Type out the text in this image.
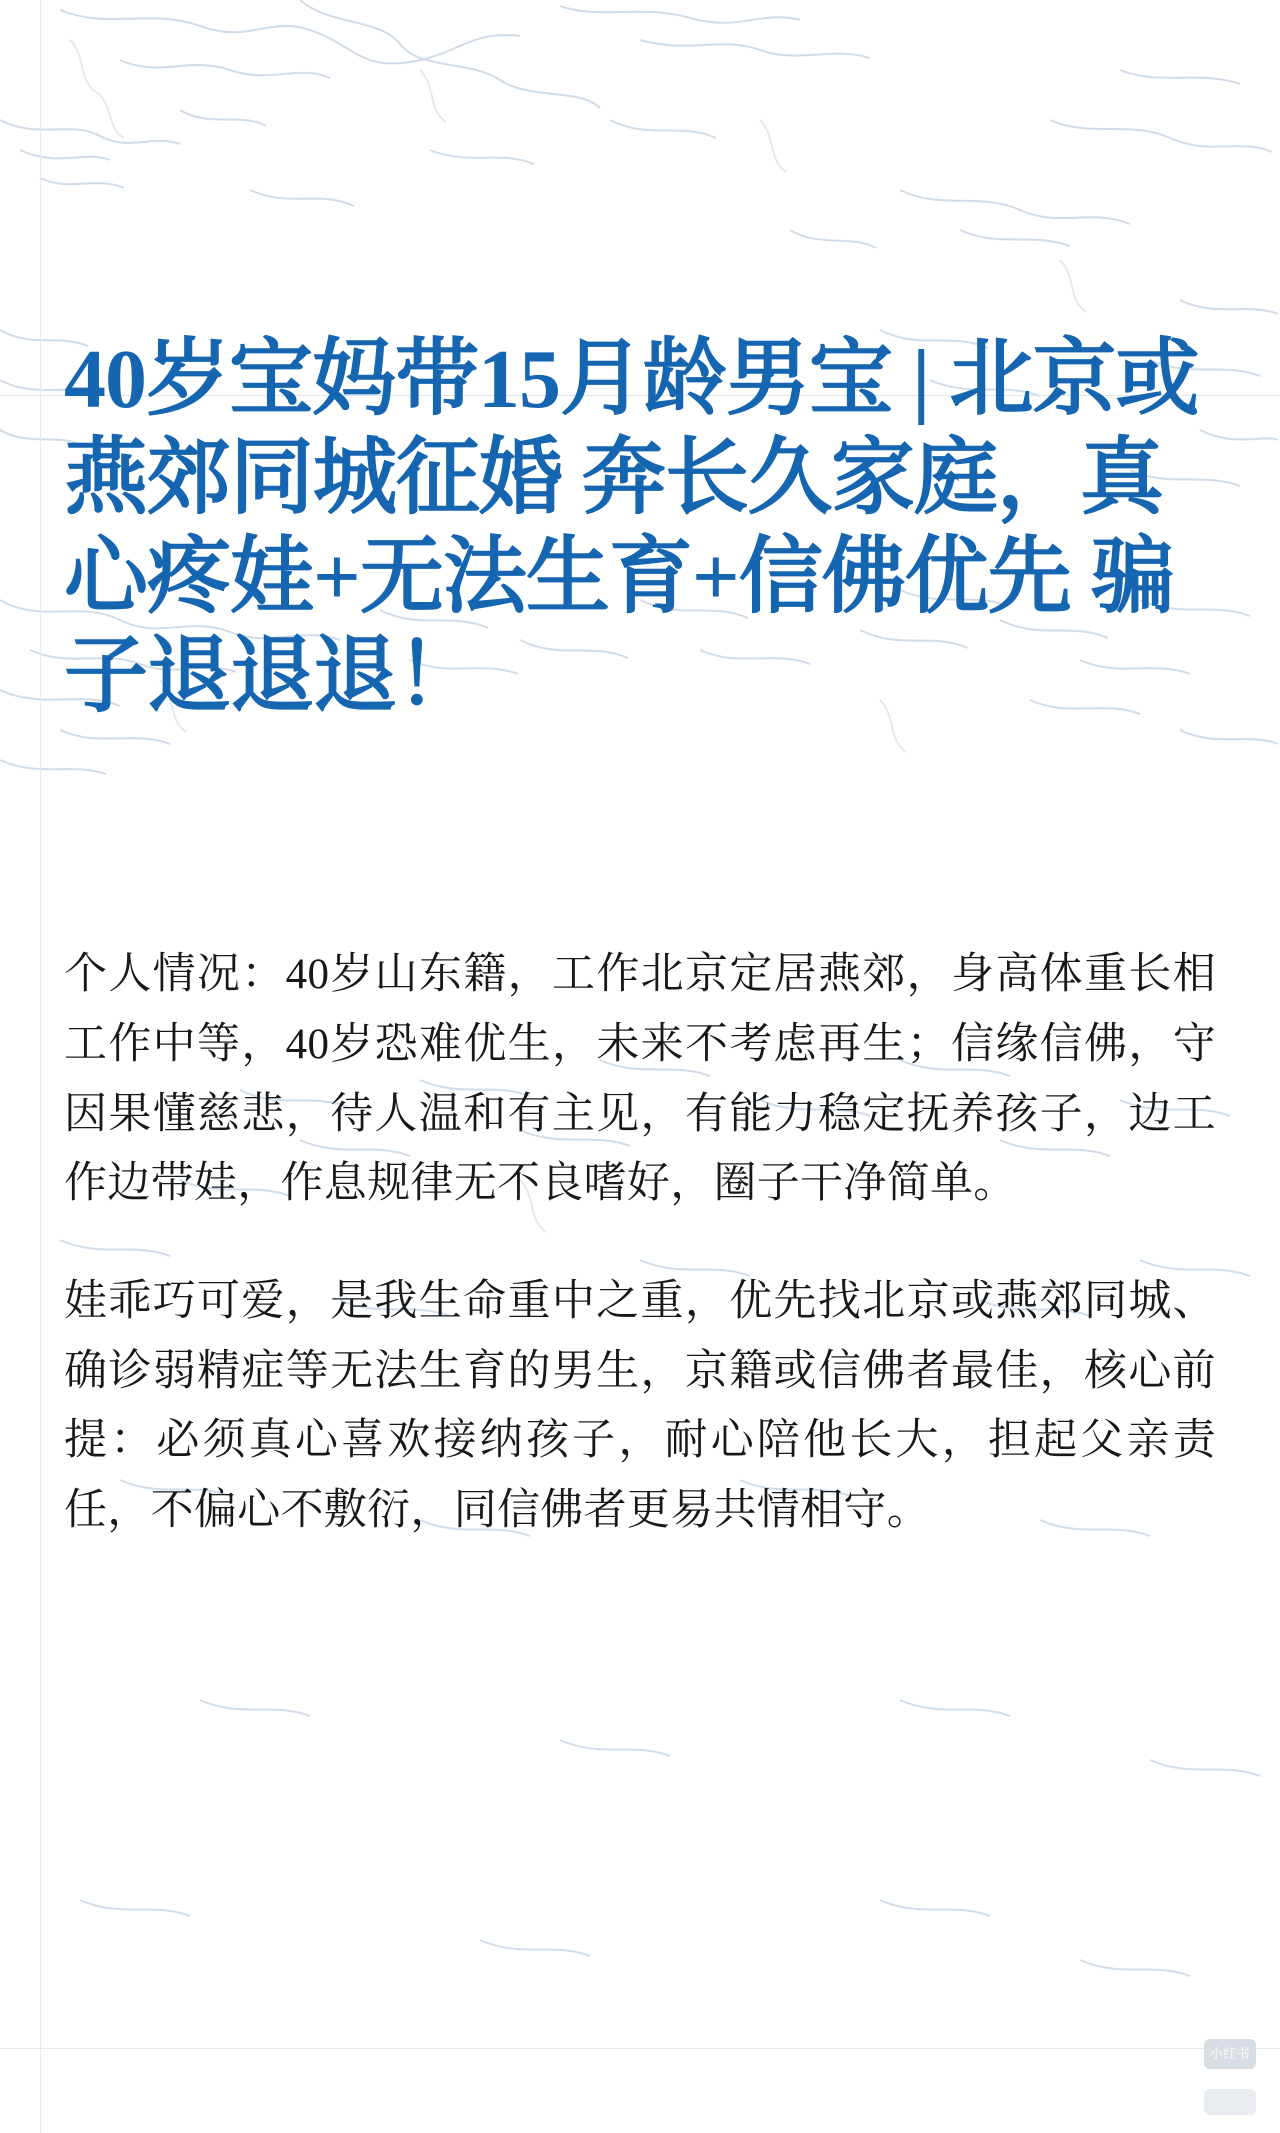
40岁宝妈带15月龄男宝 | 北京或燕郊同城征婚 奔长久家庭，真心疼娃+无法生育+信佛优先 骗子退退退！

个人情况：40岁山东籍，工作北京定居燕郊，身高体重长相工作中等，40岁恐难优生，未来不考虑再生；信缘信佛，守因果懂慈悲，待人温和有主见，有能力稳定抚养孩子，边工作边带娃，作息规律无不良嗜好，圈子干净简单。

娃乖巧可爱，是我生命重中之重，优先找北京或燕郊同城、确诊弱精症等无法生育的男生，京籍或信佛者最佳，核心前提：必须真心喜欢接纳孩子，耐心陪他长大，担起父亲责任，不偏心不敷衍，同信佛者更易共情相守。

小红书
